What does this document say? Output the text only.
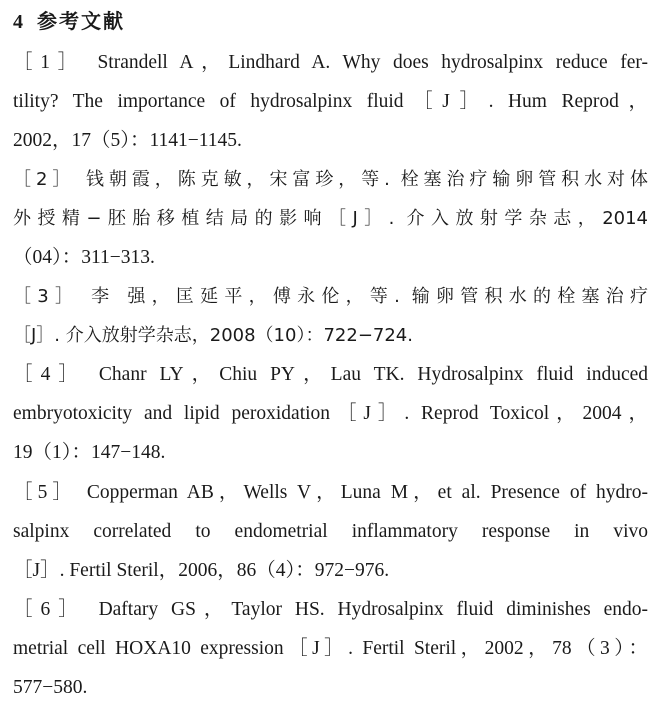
4 参考文献
［1］ Strandell A，Lindhard A. Why does hydrosalpinx reduce fer-
tility? The importance of hydrosalpinx fluid［J］. Hum Reprod，
2002，17（5）：1141−1145.
［2］ 钱朝霞，陈克敏，宋富珍，等. 栓塞治疗输卵管积水对体
外授精−胚胎移植结局的影响［J］. 介入放射学杂志，2014
（04）：311−313.
［3］ 李 强，匡延平，傅永伦，等. 输卵管积水的栓塞治疗
［J］. 介入放射学杂志，2008（10）：722−724.
［4］ Chanr LY，Chiu PY，Lau TK. Hydrosalpinx fluid induced
embryotoxicity and lipid peroxidation［J］. Reprod Toxicol，2004，
19（1）：147−148.
［5］ Copperman AB，Wells V，Luna M，et al. Presence of hydro-
salpinx correlated to endometrial inflammatory response in vivo
［J］. Fertil Steril，2006，86（4）：972−976.
［6］ Daftary GS，Taylor HS. Hydrosalpinx fluid diminishes endo-
metrial cell HOXA10 expression［J］. Fertil Steril，2002，78（3）：
577−580.
